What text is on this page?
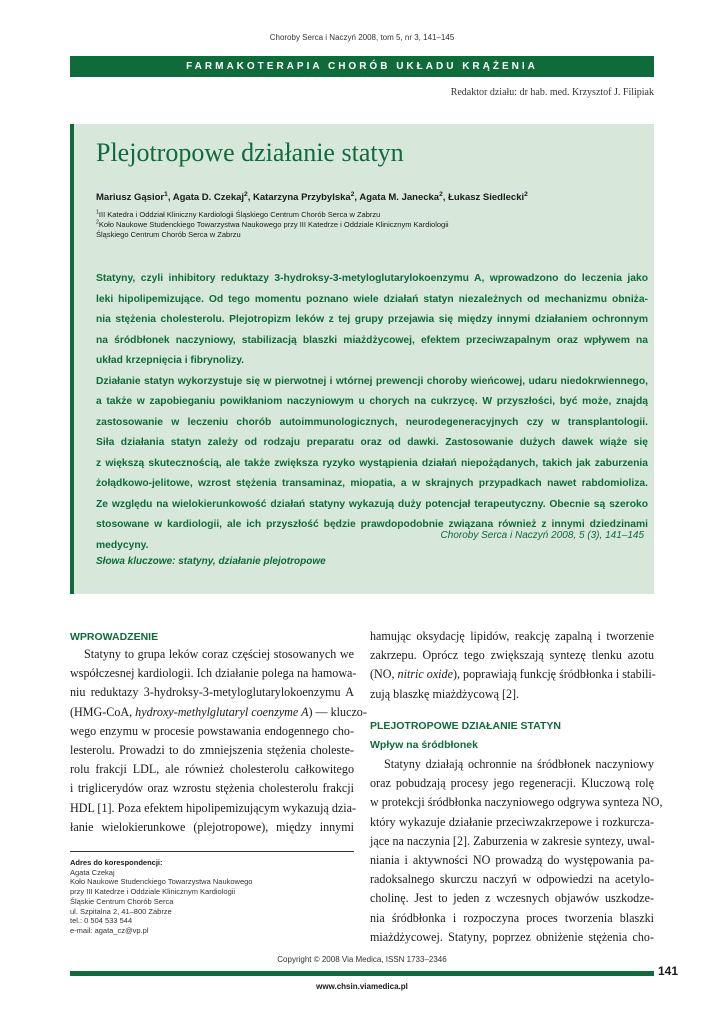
Choroby Serca i Naczyń 2008, tom 5, nr 3, 141–145
FARMAKOTERAPIA CHORÓB UKŁADU KRĄŻENIA
Redaktor działu: dr hab. med. Krzysztof J. Filipiak
Plejotropowe działanie statyn
Mariusz Gąsior$^1$, Agata D. Czekaj$^2$, Katarzyna Przybylska$^2$, Agata M. Janecka$^2$, Łukasz Siedlecki$^2$
$^1$III Katedra i Oddział Kliniczny Kardiologii Śląskiego Centrum Chorób Serca w Zabrzu
$^2$Koło Naukowe Studenckiego Towarzystwa Naukowego przy III Katedrze i Oddziale Klinicznym Kardiologii
Śląskiego Centrum Chorób Serca w Zabrzu

Statyny, czyli inhibitory reduktazy 3-hydroksy-3-metyloglutarylokoenzymu A, wprowadzono do leczenia jako

leki hipolipemizujące. Od tego momentu poznano wiele działań statyn niezależnych od mechanizmu obniża-

nia stężenia cholesterolu. Plejotropizm leków z tej grupy przejawia się między innymi działaniem ochronnym

na śródbłonek naczyniowy, stabilizacją blaszki miażdżycowej, efektem przeciwzapalnym oraz wpływem na

układ krzepnięcia i fibrynolizy.

Działanie statyn wykorzystuje się w pierwotnej i wtórnej prewencji choroby wieńcowej, udaru niedokrwiennego,

a także w zapobieganiu powikłaniom naczyniowym u chorych na cukrzycę. W przyszłości, być może, znajdą

zastosowanie w leczeniu chorób autoimmunologicznych, neurodegeneracyjnych czy w transplantologii.

Siła działania statyn zależy od rodzaju preparatu oraz od dawki. Zastosowanie dużych dawek wiąże się

z większą skutecznością, ale także zwiększa ryzyko wystąpienia działań niepożądanych, takich jak zaburzenia

żołądkowo-jelitowe, wzrost stężenia transaminaz, miopatia, a w skrajnych przypadkach nawet rabdomioliza.

Ze względu na wielokierunkowość działań statyny wykazują duży potencjał terapeutyczny. Obecnie są szeroko

stosowane w kardiologii, ale ich przyszłość będzie prawdopodobnie związana również z innymi dziedzinami

medycyny.

Choroby Serca i Naczyń 2008, 5 (3), 141–145
Słowa kluczowe: statyny, działanie plejotropowe
WPROWADZENIE
Statyny to grupa leków coraz częściej stosowanych we
współczesnej kardiologii. Ich działanie polega na hamowa-
niu reduktazy 3-hydroksy-3-metyloglutarylokoenzymu A
(HMG-CoA, hydroxy-methylglutaryl coenzyme A) — kluczo-
wego enzymu w procesie powstawania endogennego cho-
lesterolu. Prowadzi to do zmniejszenia stężenia choleste-
rolu frakcji LDL, ale również cholesterolu całkowitego
i triglicerydów oraz wzrostu stężenia cholesterolu frakcji
HDL [1]. Poza efektem hipolipemizującym wykazują dzia-
łanie wielokierunkowe (plejotropowe), między innymi
hamując oksydację lipidów, reakcję zapalną i tworzenie
zakrzepu. Oprócz tego zwiększają syntezę tlenku azotu
(NO, nitric oxide), poprawiają funkcję śródbłonka i stabili-
zują blaszkę miażdżycową [2].
PLEJOTROPOWE DZIAŁANIE STATYN
Wpływ na śródbłonek
Statyny działają ochronnie na śródbłonek naczyniowy
oraz pobudzają procesy jego regeneracji. Kluczową rolę
w protekcji śródbłonka naczyniowego odgrywa synteza NO,
który wykazuje działanie przeciwzakrzepowe i rozkurcza-
jące na naczynia [2]. Zaburzenia w zakresie syntezy, uwal-
niania i aktywności NO prowadzą do występowania pa-
radoksalnego skurczu naczyń w odpowiedzi na acetylo-
cholinę. Jest to jeden z wczesnych objawów uszkodze-
nia śródbłonka i rozpoczyna proces tworzenia blaszki
miażdżycowej. Statyny, poprzez obniżenie stężenia cho-
Adres do korespondencji:
Agata Czekaj
Koło Naukowe Studenckiego Towarzystwa Naukowego
przy III Katedrze i Oddziale Klinicznym Kardiologii
Śląskie Centrum Chorób Serca
ul. Szpitalna 2, 41–800 Zabrze
tel.: 0 504 533 544
e-mail: agata_cz@vp.pl
Copyright © 2008 Via Medica, ISSN 1733–2346
141
www.chsin.viamedica.pl
